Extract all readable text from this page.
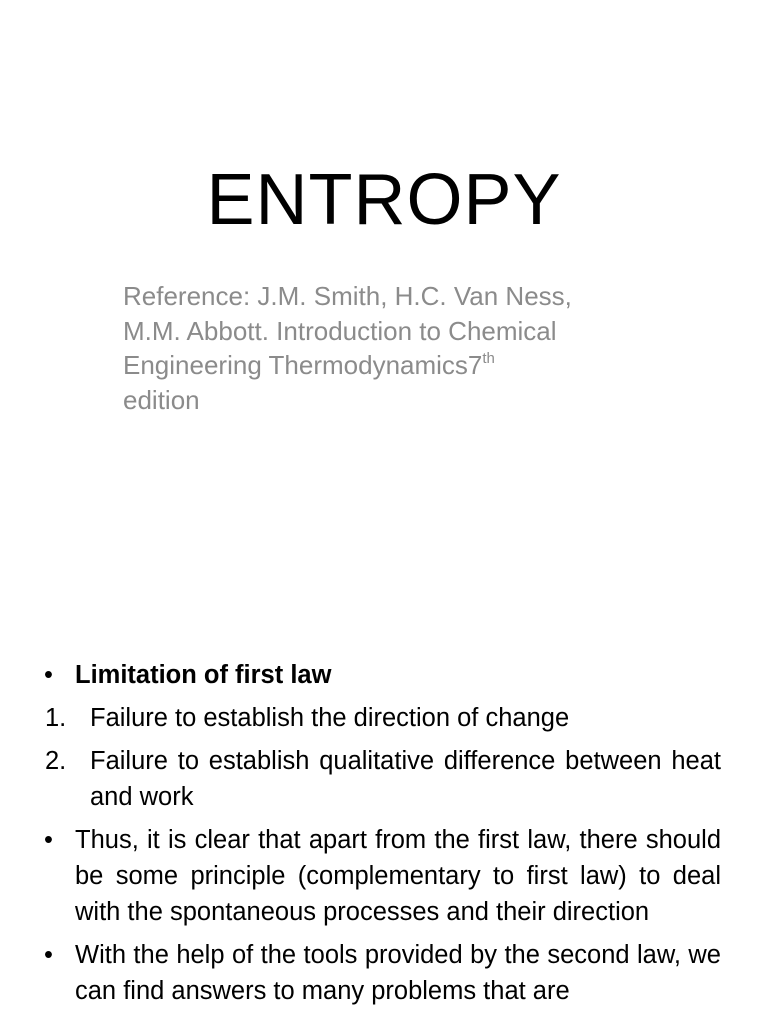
ENTROPY
Reference: J.M. Smith, H.C. Van Ness,
M.M. Abbott. Introduction to Chemical
Engineering Thermodynamics7th
edition
• Limitation of first law
1. Failure to establish the direction of change
2. Failure to establish qualitative difference between heat and work
• Thus, it is clear that apart from the first law, there should be some principle (complementary to first law) to deal with the spontaneous processes and their direction
• With the help of the tools provided by the second law, we can find answers to many problems that are
